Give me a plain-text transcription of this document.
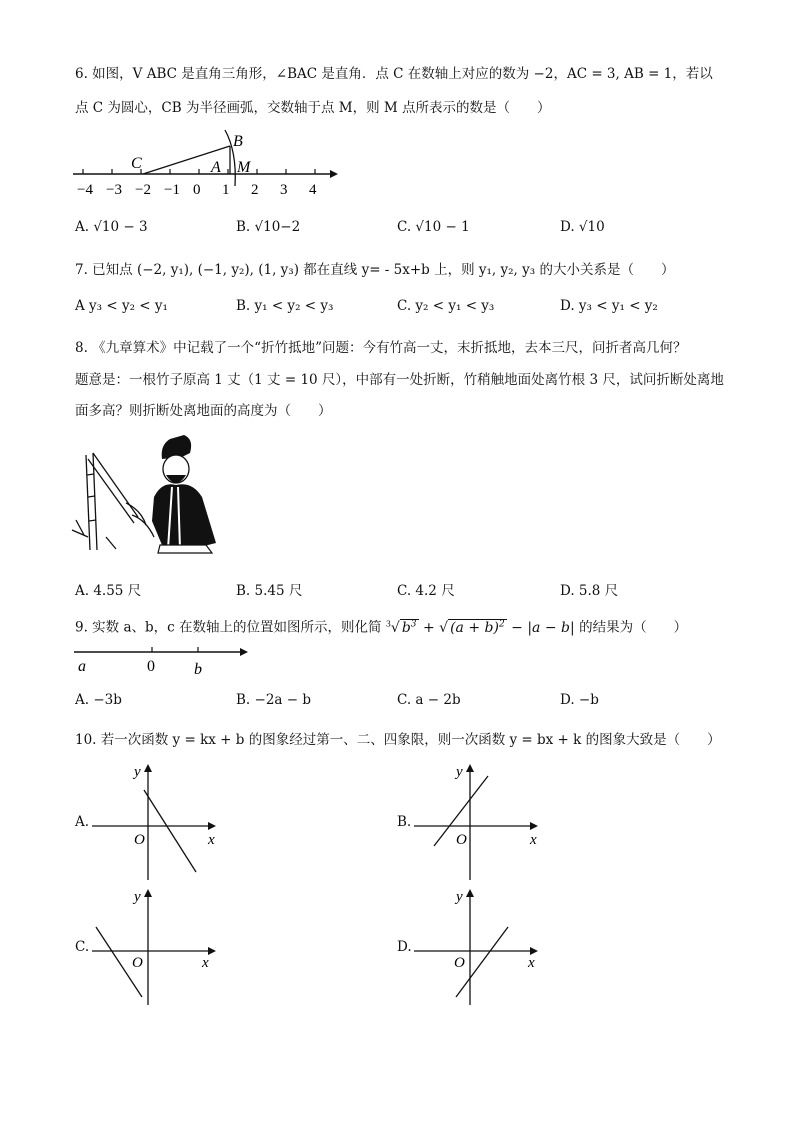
6. 如图，V ABC 是直角三角形，∠BAC 是直角．点 C 在数轴上对应的数为 −2，AC = 3, AB = 1，若以
点 C 为圆心，CB 为半径画弧，交数轴于点 M，则 M 点所表示的数是（　　）
C
B
A M
−4 −3 −2 −1 0 1 2 3 4
A. √10 − 3	B. √10−2	C. √10 − 1	D. √10
7. 已知点 (−2, y₁), (−1, y₂), (1, y₃) 都在直线 y= - 5x+b 上，则 y₁, y₂, y₃ 的大小关系是（　　）
A y₃ < y₂ < y₁	B. y₁ < y₂ < y₃	C. y₂ < y₁ < y₃	D. y₃ < y₁ < y₂
8. 《九章算术》中记载了一个“折竹抵地”问题：今有竹高一丈，末折抵地，去本三尺，问折者高几何？
题意是：一根竹子原高 1 丈（1 丈 = 10 尺），中部有一处折断，竹稍触地面处离竹根 3 尺，试问折断处离地
面多高？则折断处离地面的高度为（　　）
A. 4.55 尺	B. 5.45 尺	C. 4.2 尺	D. 5.8 尺
9. 实数 a、b，c 在数轴上的位置如图所示，则化简 $^3$√ $b^3$ + √ $(a + b)^2 - |a - b|$ 的结果为（　　）
a	0 b
A. −3b	B. −2a − b	C. a − 2b	D. −b
10. 若一次函数 y = kx + b 的图象经过第一、二、四象限，则一次函数 y = bx + k 的图象大致是（　　）
A.
y
x
O
B.
y
x
O
C.
y
x
O
D.
y
x
O
